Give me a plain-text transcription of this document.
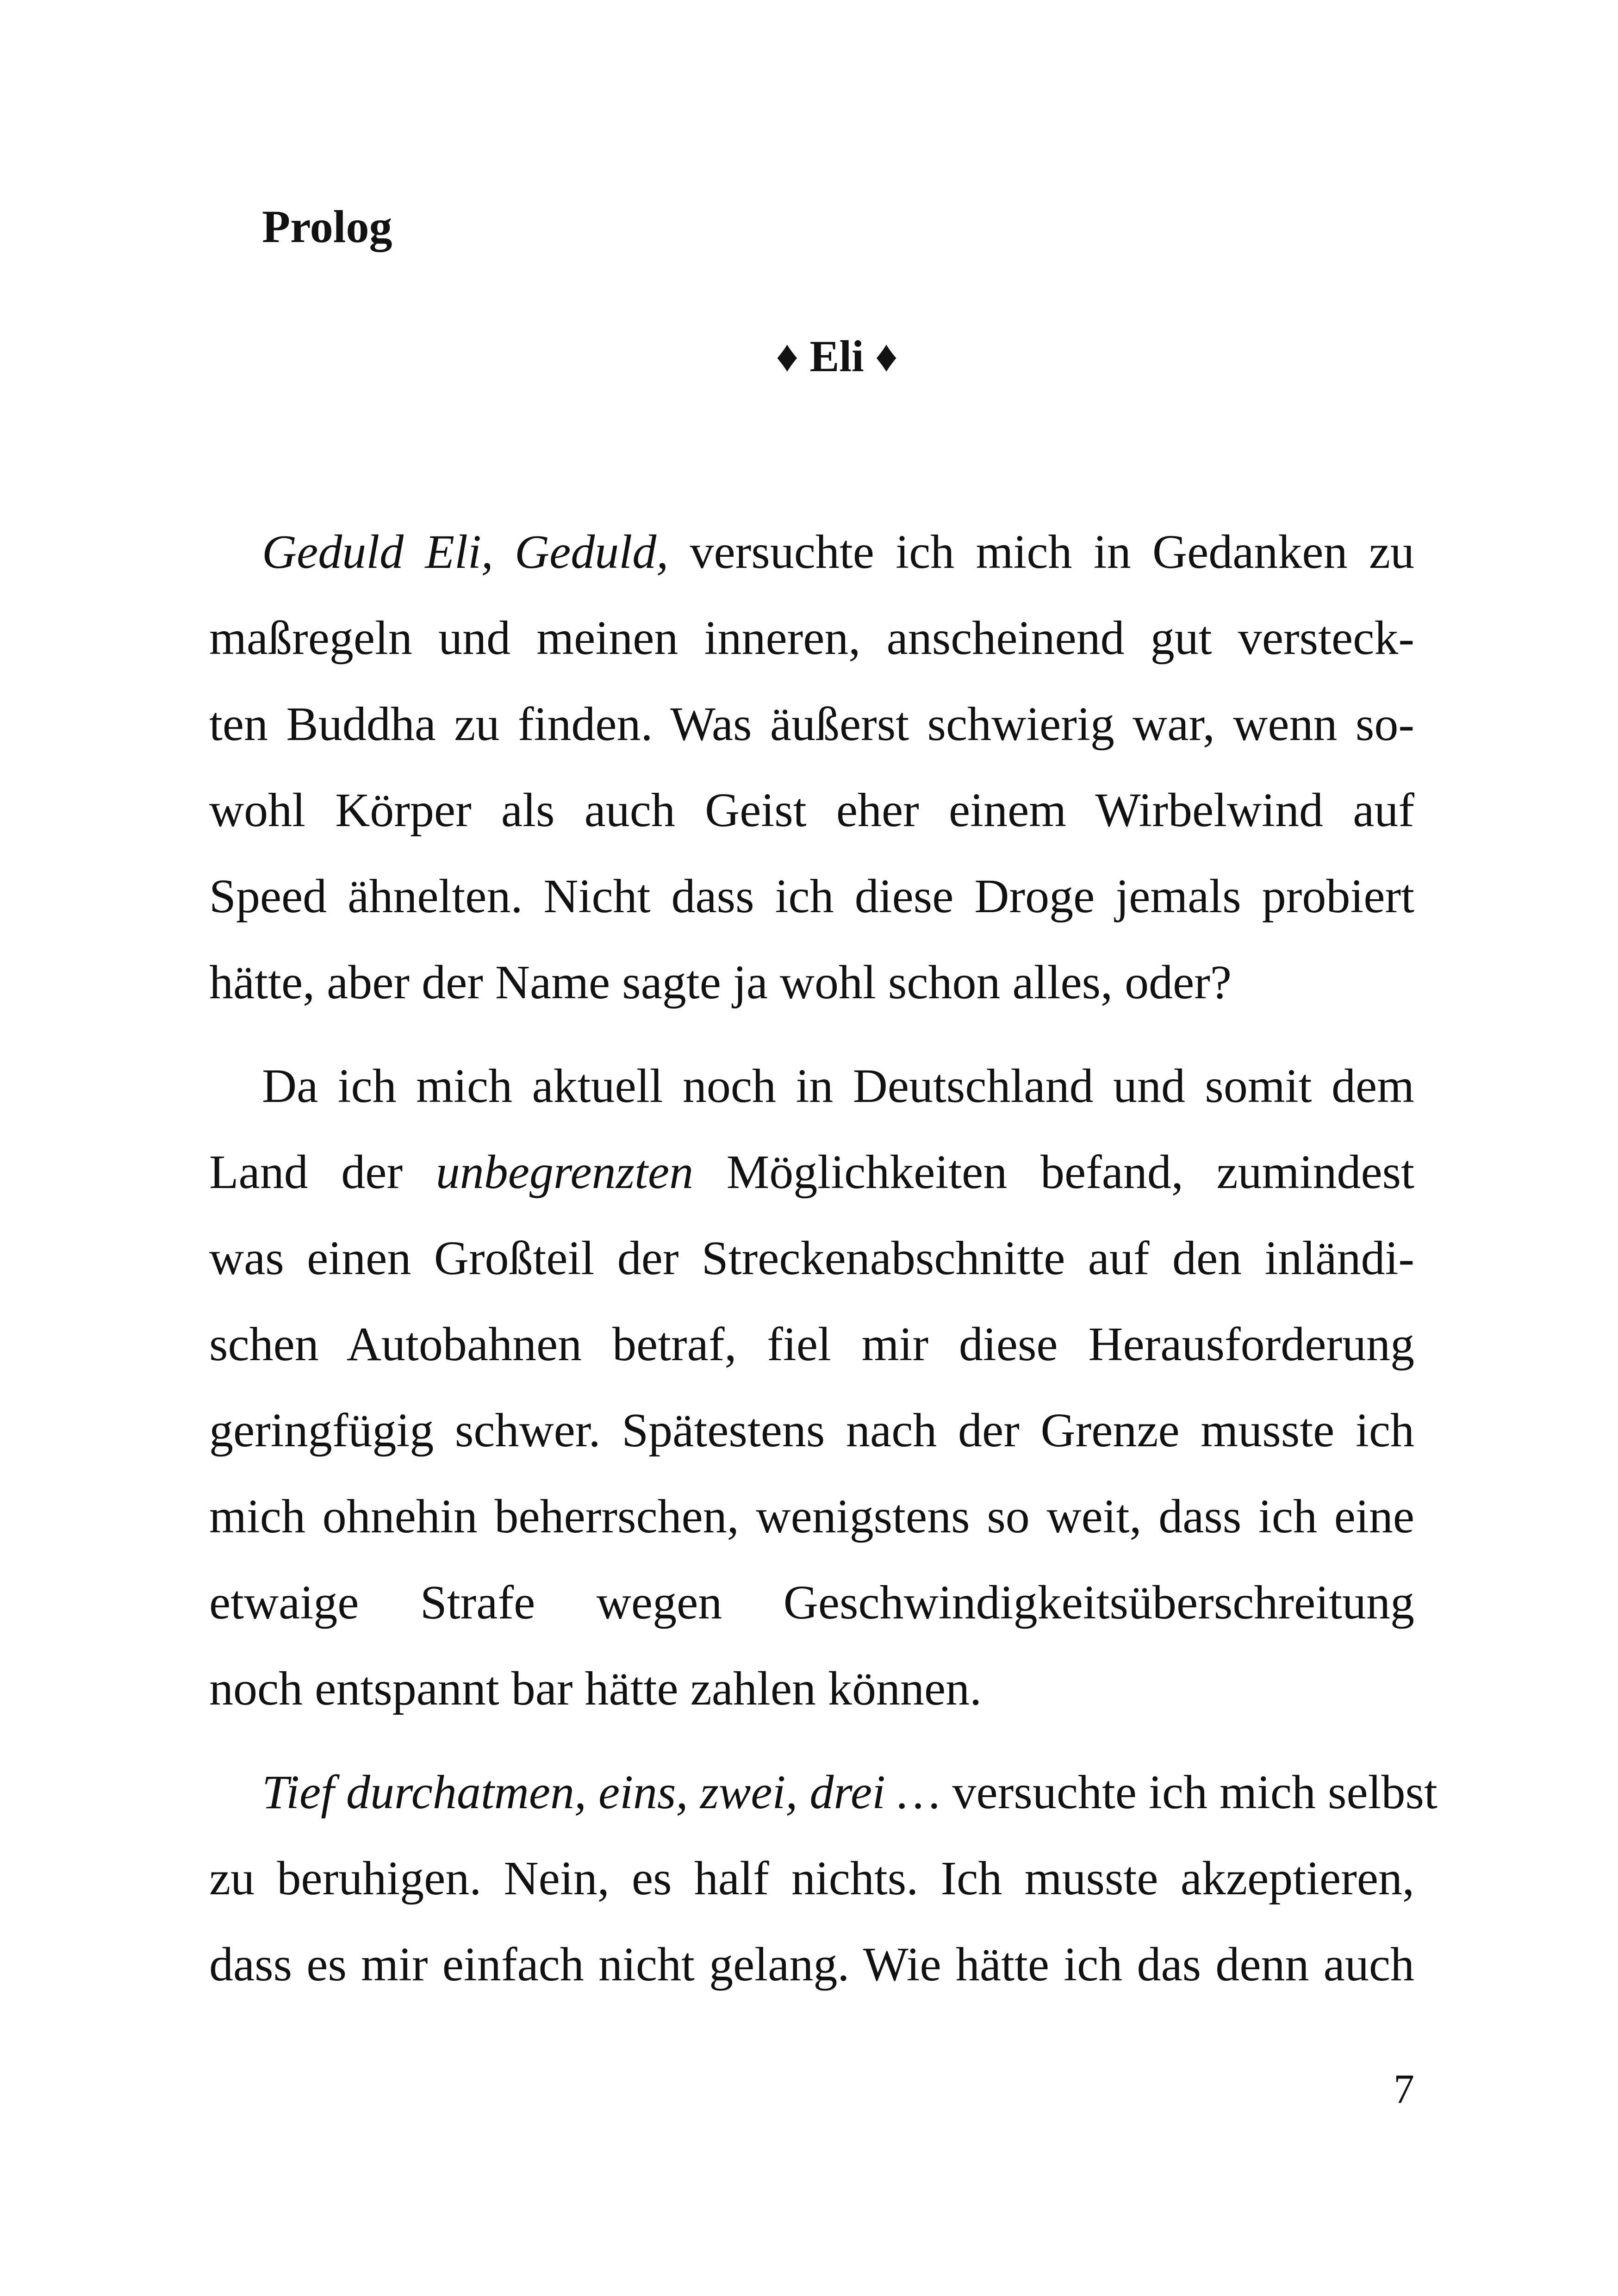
Prolog
♦ Eli ♦

Geduld Eli, Geduld, versuchte ich mich in Gedanken zu
maßregeln und meinen inneren, anscheinend gut versteck-
ten Buddha zu finden. Was äußerst schwierig war, wenn so-
wohl Körper als auch Geist eher einem Wirbelwind auf
Speed ähnelten. Nicht dass ich diese Droge jemals probiert
hätte, aber der Name sagte ja wohl schon alles, oder?

Da ich mich aktuell noch in Deutschland und somit dem
Land der unbegrenzten Möglichkeiten befand, zumindest
was einen Großteil der Streckenabschnitte auf den inländi-
schen Autobahnen betraf, fiel mir diese Herausforderung
geringfügig schwer. Spätestens nach der Grenze musste ich
mich ohnehin beherrschen, wenigstens so weit, dass ich eine
etwaige Strafe wegen Geschwindigkeitsüberschreitung
noch entspannt bar hätte zahlen können.

Tief durchatmen, eins, zwei, drei … versuchte ich mich selbst
zu beruhigen. Nein, es half nichts. Ich musste akzeptieren,
dass es mir einfach nicht gelang. Wie hätte ich das denn auch

7
